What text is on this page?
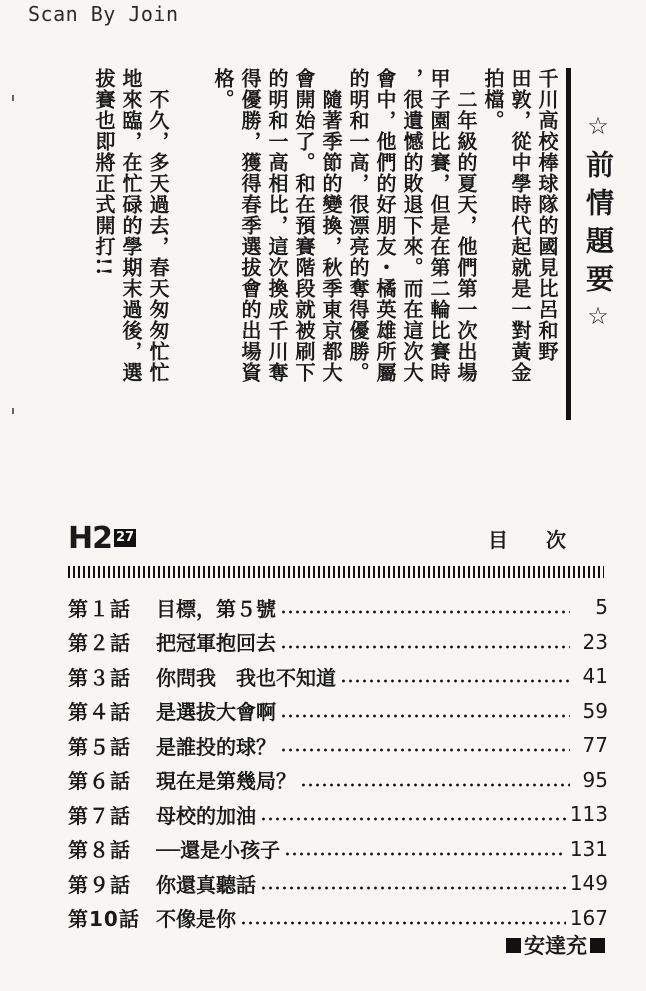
Scan By Join
☆前情題要☆
千川高校棒球隊的國見比呂和野
田敦，從中學時代起就是一對黃金
拍檔。
　二年級的夏天，他們第一次出場
甲子園比賽，但是在第二輪比賽時
，很遺憾的敗退下來。而在這次大
會中，他們的好朋友・橘英雄所屬
的明和一高，很漂亮的奪得優勝。
　隨著季節的變換，秋季東京都大
會開始了。和在預賽階段就被刷下
的明和一高相比，這次換成千川奪
得優勝，獲得春季選拔會的出場資
格。
　不久，多天過去，春天匆匆忙忙
地來臨，在忙碌的學期末過後，選
拔賽也即將正式開打!!
H2 27	目次
第１話	目標，第５號	5
第２話	把冠軍抱回去	23
第３話	你問我　我也不知道	41
第４話	是選拔大會啊	59
第５話	是誰投的球？	77
第６話	現在是第幾局？	95
第７話	母校的加油	113
第８話	──還是小孩子	131
第９話	你還真聽話	149
第10話 不像是你	167
安達充
